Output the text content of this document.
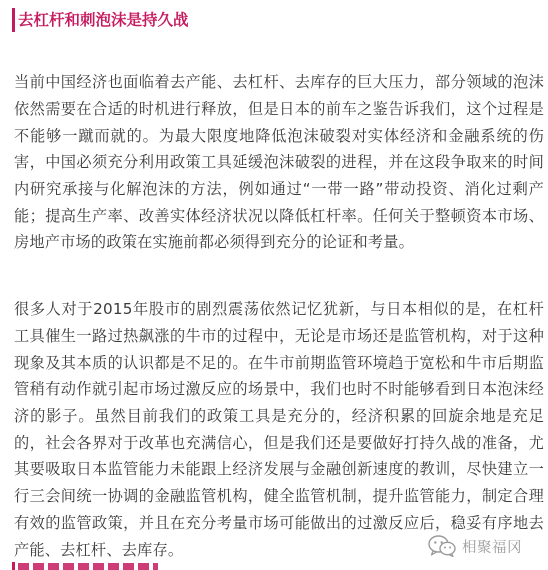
去杠杆和刺泡沫是持久战

当前中国经济也面临着去产能、去杠杆、去库存的巨大压力，部分领域的泡沫依然需要在合适的时机进行释放，但是日本的前车之鉴告诉我们，这个过程是不能够一蹴而就的。为最大限度地降低泡沫破裂对实体经济和金融系统的伤害，中国必须充分利用政策工具延缓泡沫破裂的进程，并在这段争取来的时间内研究承接与化解泡沫的方法，例如通过“一带一路”带动投资、消化过剩产能；提高生产率、改善实体经济状况以降低杠杆率。任何关于整顿资本市场、房地产市场的政策在实施前都必须得到充分的论证和考量。

很多人对于2015年股市的剧烈震荡依然记忆犹新，与日本相似的是，在杠杆工具催生一路过热飙涨的牛市的过程中，无论是市场还是监管机构，对于这种现象及其本质的认识都是不足的。在牛市前期监管环境趋于宽松和牛市后期监管稍有动作就引起市场过激反应的场景中，我们也时不时能够看到日本泡沫经济的影子。虽然目前我们的政策工具是充分的，经济积累的回旋余地是充足的，社会各界对于改革也充满信心，但是我们还是要做好打持久战的准备，尤其要吸取日本监管能力未能跟上经济发展与金融创新速度的教训，尽快建立一行三会间统一协调的金融监管机构，健全监管机制，提升监管能力，制定合理有效的监管政策，并且在充分考量市场可能做出的过激反应后，稳妥有序地去产能、去杠杆、去库存。	相聚福冈
